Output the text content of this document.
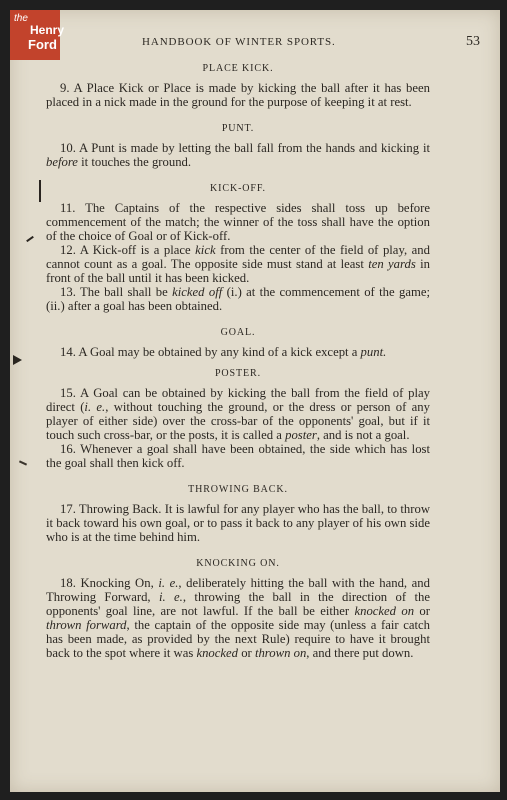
the
Henry
Ford	HANDBOOK OF WINTER SPORTS.	53

PLACE KICK.

9. A Place Kick or Place is made by kicking the ball after it has been placed in a nick made in the ground for the purpose of keeping it at rest.

PUNT.

10. A Punt is made by letting the ball fall from the hands and kicking it before it touches the ground.

KICK-OFF.

11. The Captains of the respective sides shall toss up before commencement of the match; the winner of the toss shall have the option of the choice of Goal or of Kick-off.

12. A Kick-off is a place kick from the center of the field of play, and cannot count as a goal. The opposite side must stand at least ten yards in front of the ball until it has been kicked.

13. The ball shall be kicked off (i.) at the commencement of the game; (ii.) after a goal has been obtained.

GOAL.

14. A Goal may be obtained by any kind of a kick except a punt.

POSTER.

15. A Goal can be obtained by kicking the ball from the field of play direct (i. e., without touching the ground, or the dress or person of any player of either side) over the cross-bar of the opponents' goal, but if it touch such cross-bar, or the posts, it is called a poster, and is not a goal.

16. Whenever a goal shall have been obtained, the side which has lost the goal shall then kick off.

THROWING BACK.

17. Throwing Back. It is lawful for any player who has the ball, to throw it back toward his own goal, or to pass it back to any player of his own side who is at the time behind him.

KNOCKING ON.

18. Knocking On, i. e., deliberately hitting the ball with the hand, and Throwing Forward, i. e., throwing the ball in the direction of the opponents' goal line, are not lawful. If the ball be either knocked on or thrown forward, the captain of the opposite side may (unless a fair catch has been made, as provided by the next Rule) require to have it brought back to the spot where it was knocked or thrown on, and there put down.
